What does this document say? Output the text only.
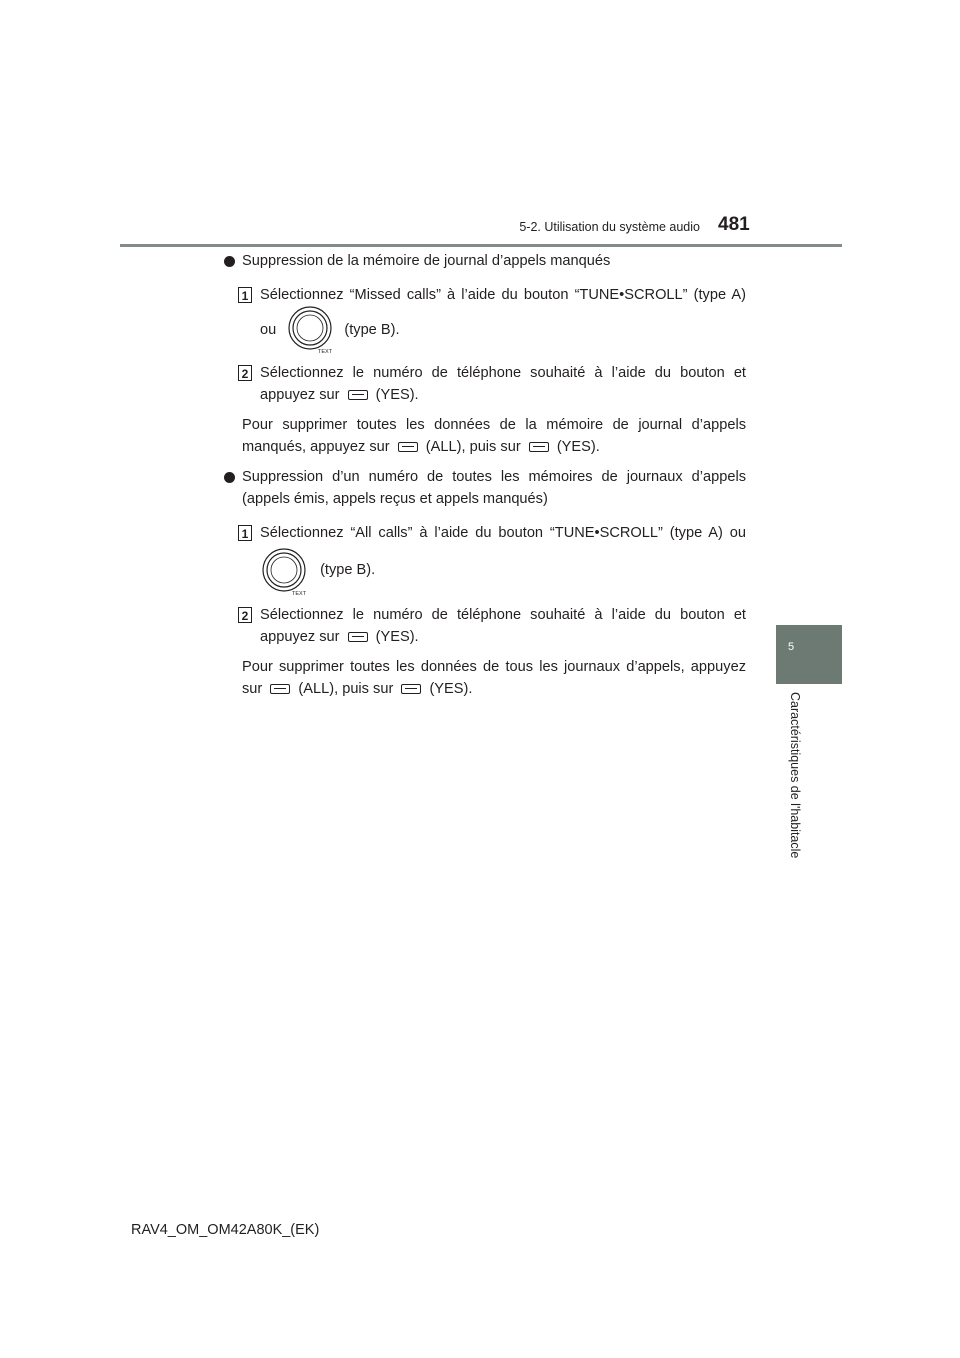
5-2. Utilisation du système audio 481
5
Caractéristiques de l'habitacle
Suppression de la mémoire de journal d’appels manqués
1 Sélectionnez “Missed calls” à l’aide du bouton “TUNE•SCROLL” (type A) ou
TEXT
(type B).
2 Sélectionnez le numéro de téléphone souhaité à l’aide du bouton et appuyez sur (YES).
Pour supprimer toutes les données de la mémoire de journal d’appels manqués, appuyez sur (ALL), puis sur (YES).
Suppression d’un numéro de toutes les mémoires de journaux d’appels (appels émis, appels reçus et appels manqués)
1 Sélectionnez “All calls” à l’aide du bouton “TUNE•SCROLL” (type A) ou
TEXT
(type B).
2 Sélectionnez le numéro de téléphone souhaité à l’aide du bouton et appuyez sur (YES).
Pour supprimer toutes les données de tous les journaux d’appels, appuyez sur (ALL), puis sur (YES).
RAV4_OM_OM42A80K_(EK)
